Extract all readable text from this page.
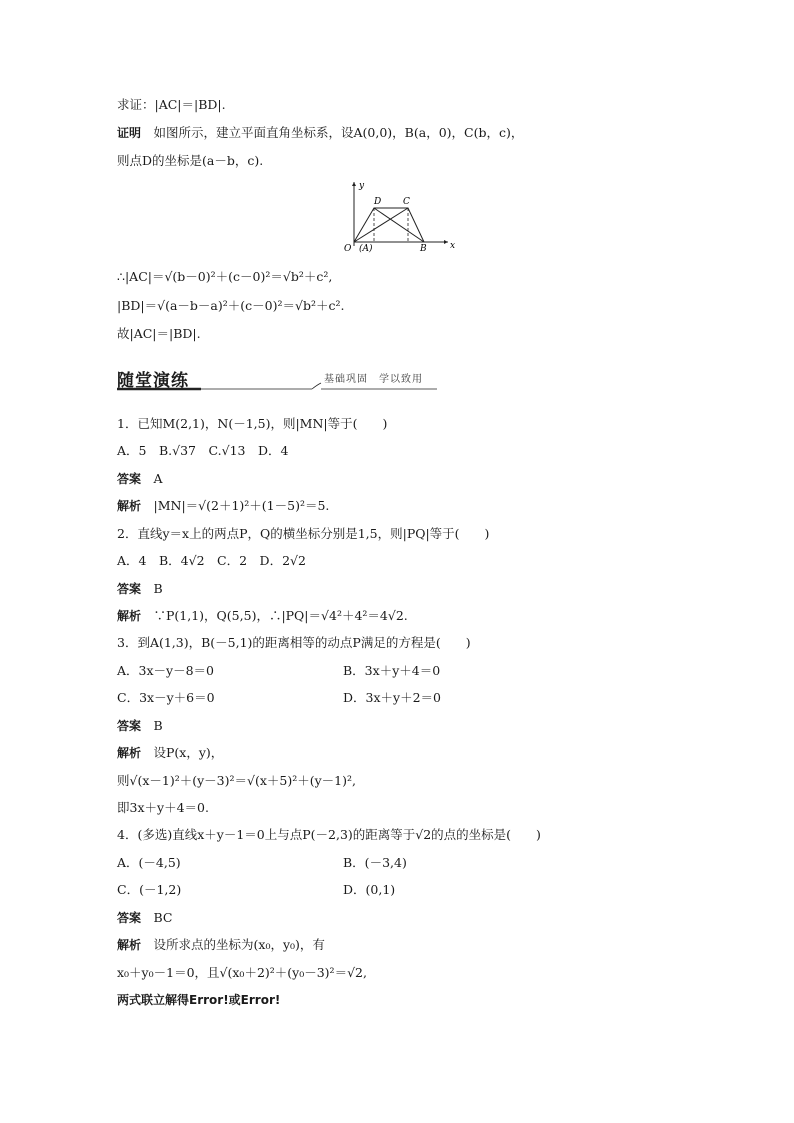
求证：|AC|＝|BD|.
证明　如图所示，建立平面直角坐标系，设A(0,0)，B(a，0)，C(b，c)，
则点D的坐标是(a－b，c).
y
x
O (A)	B
C
D
∴|AC|＝√(b－0)²＋(c－0)²＝√b²＋c²,
|BD|＝√(a－b－a)²＋(c－0)²＝√b²＋c².
故|AC|＝|BD|.
随堂演练	基础巩固　学以致用
1．已知M(2,1)，N(－1,5)，则|MN|等于(　　)
A．5　B.√37　C.√13　D．4
答案　A
解析　|MN|＝√(2＋1)²＋(1－5)²＝5.
2．直线y＝x上的两点P，Q的横坐标分别是1,5，则|PQ|等于(　　)
A．4　B．4√2　C．2　D．2√2
答案　B
解析　∵P(1,1)，Q(5,5)，∴|PQ|＝√4²＋4²＝4√2.
3．到A(1,3)，B(－5,1)的距离相等的动点P满足的方程是(　　)
A．3x－y－8＝0	B．3x＋y＋4＝0
C．3x－y＋6＝0	D．3x＋y＋2＝0
答案　B
解析　设P(x，y)，
则√(x－1)²＋(y－3)²＝√(x＋5)²＋(y－1)²,
即3x＋y＋4＝0.
4．(多选)直线x＋y－1＝0上与点P(－2,3)的距离等于√2的点的坐标是(　　)
A．(－4,5)	B．(－3,4)
C．(－1,2)	D．(0,1)
答案　BC
解析　设所求点的坐标为(x₀，y₀)，有
x₀＋y₀－1＝0，且√(x₀＋2)²＋(y₀－3)²＝√2,
两式联立解得Error!或Error!
